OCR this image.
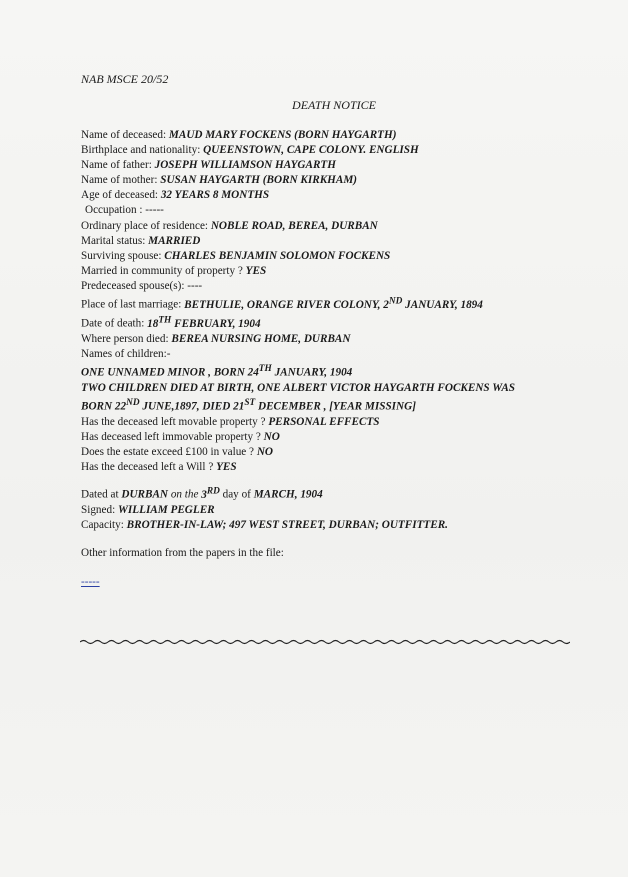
NAB MSCE 20/52
DEATH NOTICE
Name of deceased: MAUD MARY FOCKENS (BORN HAYGARTH)
Birthplace and nationality: QUEENSTOWN, CAPE COLONY. ENGLISH
Name of father: JOSEPH WILLIAMSON HAYGARTH
Name of mother: SUSAN HAYGARTH (BORN KIRKHAM)
Age of deceased: 32 YEARS 8 MONTHS
Occupation : -----
Ordinary place of residence: NOBLE ROAD, BEREA, DURBAN
Marital status: MARRIED
Surviving spouse: CHARLES BENJAMIN SOLOMON FOCKENS
Married in community of property ? YES
Predeceased spouse(s): ----
Place of last marriage: BETHULIE, ORANGE RIVER COLONY, 2ND JANUARY, 1894
Date of death: 18TH FEBRUARY, 1904
Where person died: BEREA NURSING HOME, DURBAN
Names of children:-
ONE UNNAMED MINOR , BORN 24TH JANUARY, 1904
TWO CHILDREN DIED AT BIRTH, ONE ALBERT VICTOR HAYGARTH FOCKENS WAS
BORN 22ND JUNE,1897, DIED 21ST DECEMBER , [YEAR MISSING]
Has the deceased left movable property ? PERSONAL EFFECTS
Has deceased left immovable property ? NO
Does the estate exceed £100 in value ? NO
Has the deceased left a Will ? YES
Dated at DURBAN on the 3RD day of MARCH, 1904
Signed: WILLIAM PEGLER
Capacity: BROTHER-IN-LAW; 497 WEST STREET, DURBAN; OUTFITTER.
Other information from the papers in the file:
-----
